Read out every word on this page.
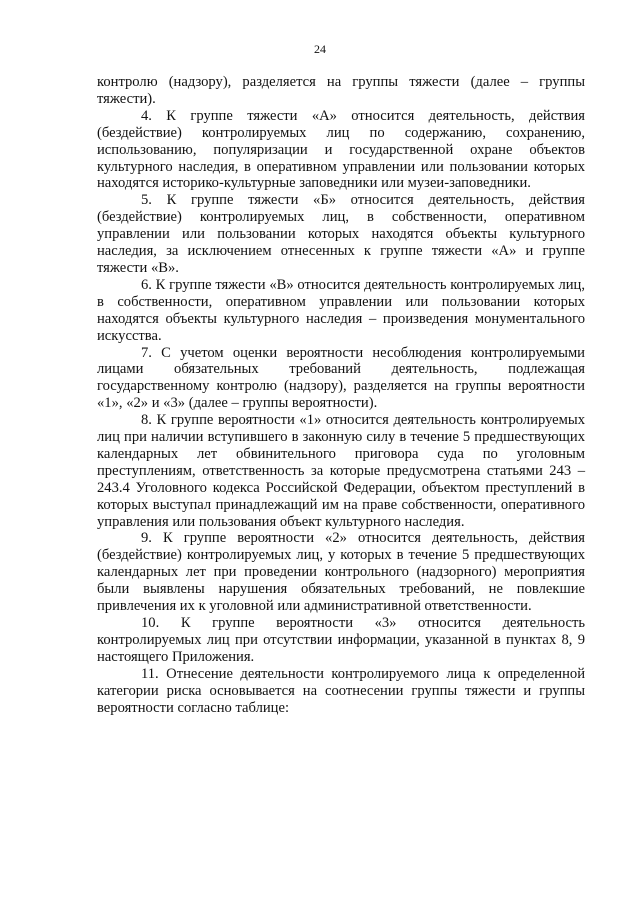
24

контролю (надзору), разделяется на группы тяжести (далее – группы тяжести).

4. К группе тяжести «А» относится деятельность, действия (бездействие) контролируемых лиц по содержанию, сохранению, использованию, популяризации и государственной охране объектов культурного наследия, в оперативном управлении или пользовании которых находятся историко-культурные заповедники или музеи-заповедники.

5. К группе тяжести «Б» относится деятельность, действия (бездействие) контролируемых лиц, в собственности, оперативном управлении или пользовании которых находятся объекты культурного наследия, за исключением отнесенных к группе тяжести «А» и группе тяжести «В».

6. К группе тяжести «В» относится деятельность контролируемых лиц, в собственности, оперативном управлении или пользовании которых находятся объекты культурного наследия – произведения монументального искусства.

7. С учетом оценки вероятности несоблюдения контролируемыми лицами обязательных требований деятельность, подлежащая государственному контролю (надзору), разделяется на группы вероятности «1», «2» и «3» (далее – группы вероятности).

8. К группе вероятности «1» относится деятельность контролируемых лиц при наличии вступившего в законную силу в течение 5 предшествующих календарных лет обвинительного приговора суда по уголовным преступлениям, ответственность за которые предусмотрена статьями 243 – 243.4 Уголовного кодекса Российской Федерации, объектом преступлений в которых выступал принадлежащий им на праве собственности, оперативного управления или пользования объект культурного наследия.

9. К группе вероятности «2» относится деятельность, действия (бездействие) контролируемых лиц, у которых в течение 5 предшествующих календарных лет при проведении контрольного (надзорного) мероприятия были выявлены нарушения обязательных требований, не повлекшие привлечения их к уголовной или административной ответственности.

10. К группе вероятности «3» относится деятельность контролируемых лиц при отсутствии информации, указанной в пунктах 8, 9 настоящего Приложения.

11. Отнесение деятельности контролируемого лица к определенной категории риска основывается на соотнесении группы тяжести и группы вероятности согласно таблице:
